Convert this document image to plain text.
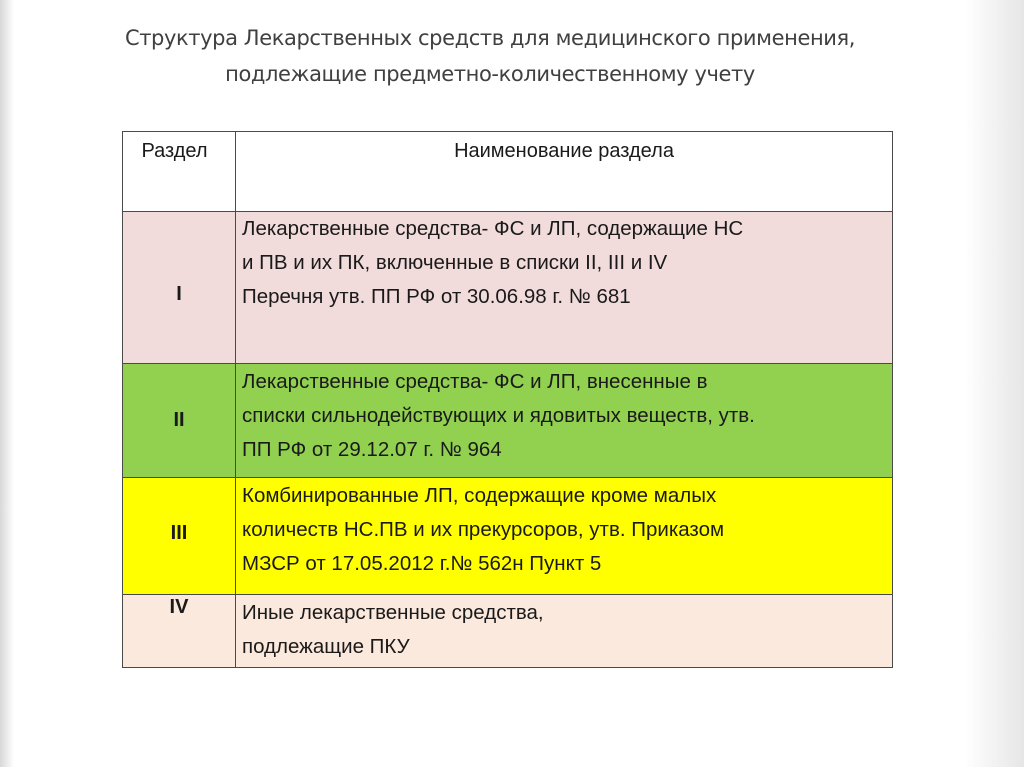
Структура Лекарственных средств для медицинского применения,
подлежащие предметно-количественному учету
Раздел	Наименование раздела
I	Лекарственные средства- ФС и ЛП, содержащие НС
и ПВ и их ПК, включенные в списки II, III и IV
Перечня утв. ПП РФ от 30.06.98 г. № 681

II	Лекарственные средства- ФС и ЛП, внесенные в
списки сильнодействующих и ядовитых веществ, утв.
ПП РФ от 29.12.07 г. № 964

III	Комбинированные ЛП, содержащие кроме малых
количеств НС.ПВ и их прекурсоров, утв. Приказом
МЗСР от 17.05.2012 г.№ 562н Пункт 5

IV	Иные лекарственные средства,
подлежащие ПКУ
